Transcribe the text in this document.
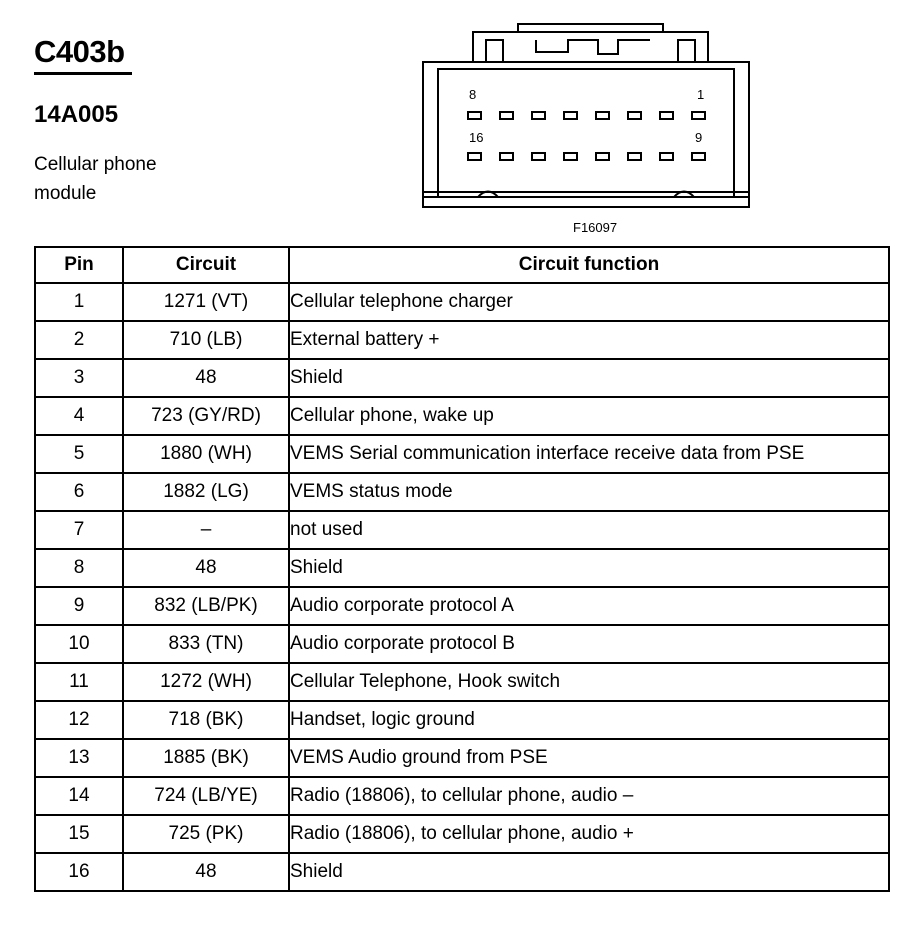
C403b
14A005
Cellular phone module
8	1
16	9
F16097
Pin	Circuit	Circuit function
1	1271 (VT)	Cellular telephone charger
2	710 (LB)	External battery +
3	48	Shield
4	723 (GY/RD)	Cellular phone, wake up
5	1880 (WH)	VEMS Serial communication interface receive data from PSE
6	1882 (LG)	VEMS status mode
7	–	not used
8	48	Shield
9	832 (LB/PK)	Audio corporate protocol A
10	833 (TN)	Audio corporate protocol B
11	1272 (WH)	Cellular Telephone, Hook switch
12	718 (BK)	Handset, logic ground
13	1885 (BK)	VEMS Audio ground from PSE
14	724 (LB/YE)	Radio (18806), to cellular phone, audio –
15	725 (PK)	Radio (18806), to cellular phone, audio +
16	48	Shield
